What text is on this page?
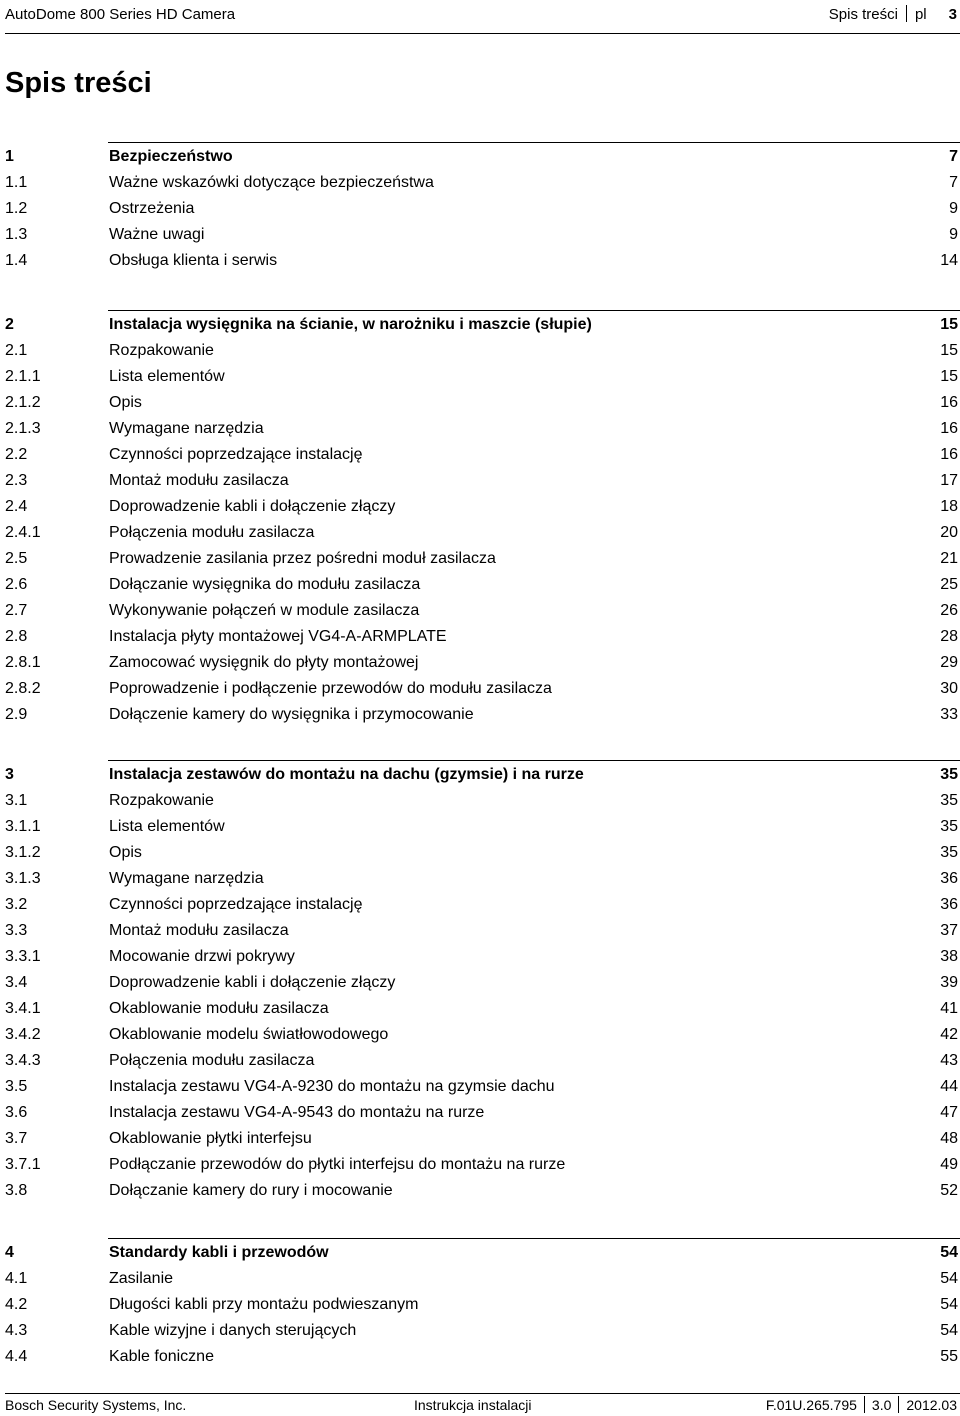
AutoDome 800 Series HD Camera	Spis treści pl 3
Spis treści
1	Bezpieczeństwo	7
1.1	Ważne wskazówki dotyczące bezpieczeństwa	7
1.2	Ostrzeżenia	9
1.3	Ważne uwagi	9
1.4	Obsługa klienta i serwis	14
2	Instalacja wysięgnika na ścianie, w narożniku i maszcie (słupie)	15
2.1	Rozpakowanie	15
2.1.1	Lista elementów	15
2.1.2	Opis	16
2.1.3	Wymagane narzędzia	16
2.2	Czynności poprzedzające instalację	16
2.3	Montaż modułu zasilacza	17
2.4	Doprowadzenie kabli i dołączenie złączy	18
2.4.1	Połączenia modułu zasilacza	20
2.5	Prowadzenie zasilania przez pośredni moduł zasilacza	21
2.6	Dołączanie wysięgnika do modułu zasilacza	25
2.7	Wykonywanie połączeń w module zasilacza	26
2.8	Instalacja płyty montażowej VG4-A-ARMPLATE	28
2.8.1	Zamocować wysięgnik do płyty montażowej	29
2.8.2	Poprowadzenie i podłączenie przewodów do modułu zasilacza	30
2.9	Dołączenie kamery do wysięgnika i przymocowanie	33
3	Instalacja zestawów do montażu na dachu (gzymsie) i na rurze	35
3.1	Rozpakowanie	35
3.1.1	Lista elementów	35
3.1.2	Opis	35
3.1.3	Wymagane narzędzia	36
3.2	Czynności poprzedzające instalację	36
3.3	Montaż modułu zasilacza	37
3.3.1	Mocowanie drzwi pokrywy	38
3.4	Doprowadzenie kabli i dołączenie złączy	39
3.4.1	Okablowanie modułu zasilacza	41
3.4.2	Okablowanie modelu światłowodowego	42
3.4.3	Połączenia modułu zasilacza	43
3.5	Instalacja zestawu VG4-A-9230 do montażu na gzymsie dachu	44
3.6	Instalacja zestawu VG4-A-9543 do montażu na rurze	47
3.7	Okablowanie płytki interfejsu	48
3.7.1	Podłączanie przewodów do płytki interfejsu do montażu na rurze	49
3.8	Dołączanie kamery do rury i mocowanie	52
4	Standardy kabli i przewodów	54
4.1	Zasilanie	54
4.2	Długości kabli przy montażu podwieszanym	54
4.3	Kable wizyjne i danych sterujących	54
4.4	Kable foniczne	55
Bosch Security Systems, Inc.	Instrukcja instalacji	F.01U.265.795 3.0 2012.03
